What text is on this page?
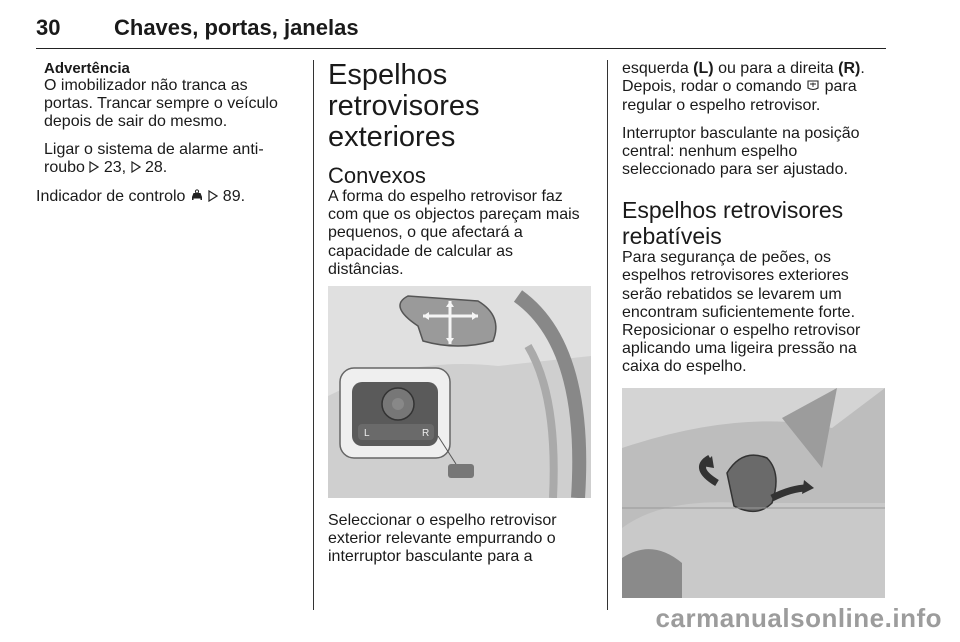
30 Chaves, portas, janelas

Advertência

O imobilizador não tranca as portas. Trancar sempre o veículo depois de sair do mesmo.

Ligar o sistema de alarme anti-roubo 23, 28.

Indicador de controlo 89.

Espelhos retrovisores exteriores
Convexos

A forma do espelho retrovisor faz com que os objectos pareçam mais pequenos, o que afectará a capacidade de calcular as distâncias.

L	R

Seleccionar o espelho retrovisor exterior relevante empurrando o interruptor basculante para a

esquerda (L) ou para a direita (R). Depois, rodar o comando para regular o espelho retrovisor.

Interruptor basculante na posição central: nenhum espelho seleccionado para ser ajustado.

Espelhos retrovisores rebatíveis

Para segurança de peões, os espelhos retrovisores exteriores serão rebatidos se levarem um encontram suficientemente forte. Reposicionar o espelho retrovisor aplicando uma ligeira pressão na caixa do espelho.

carmanualsonline.info
